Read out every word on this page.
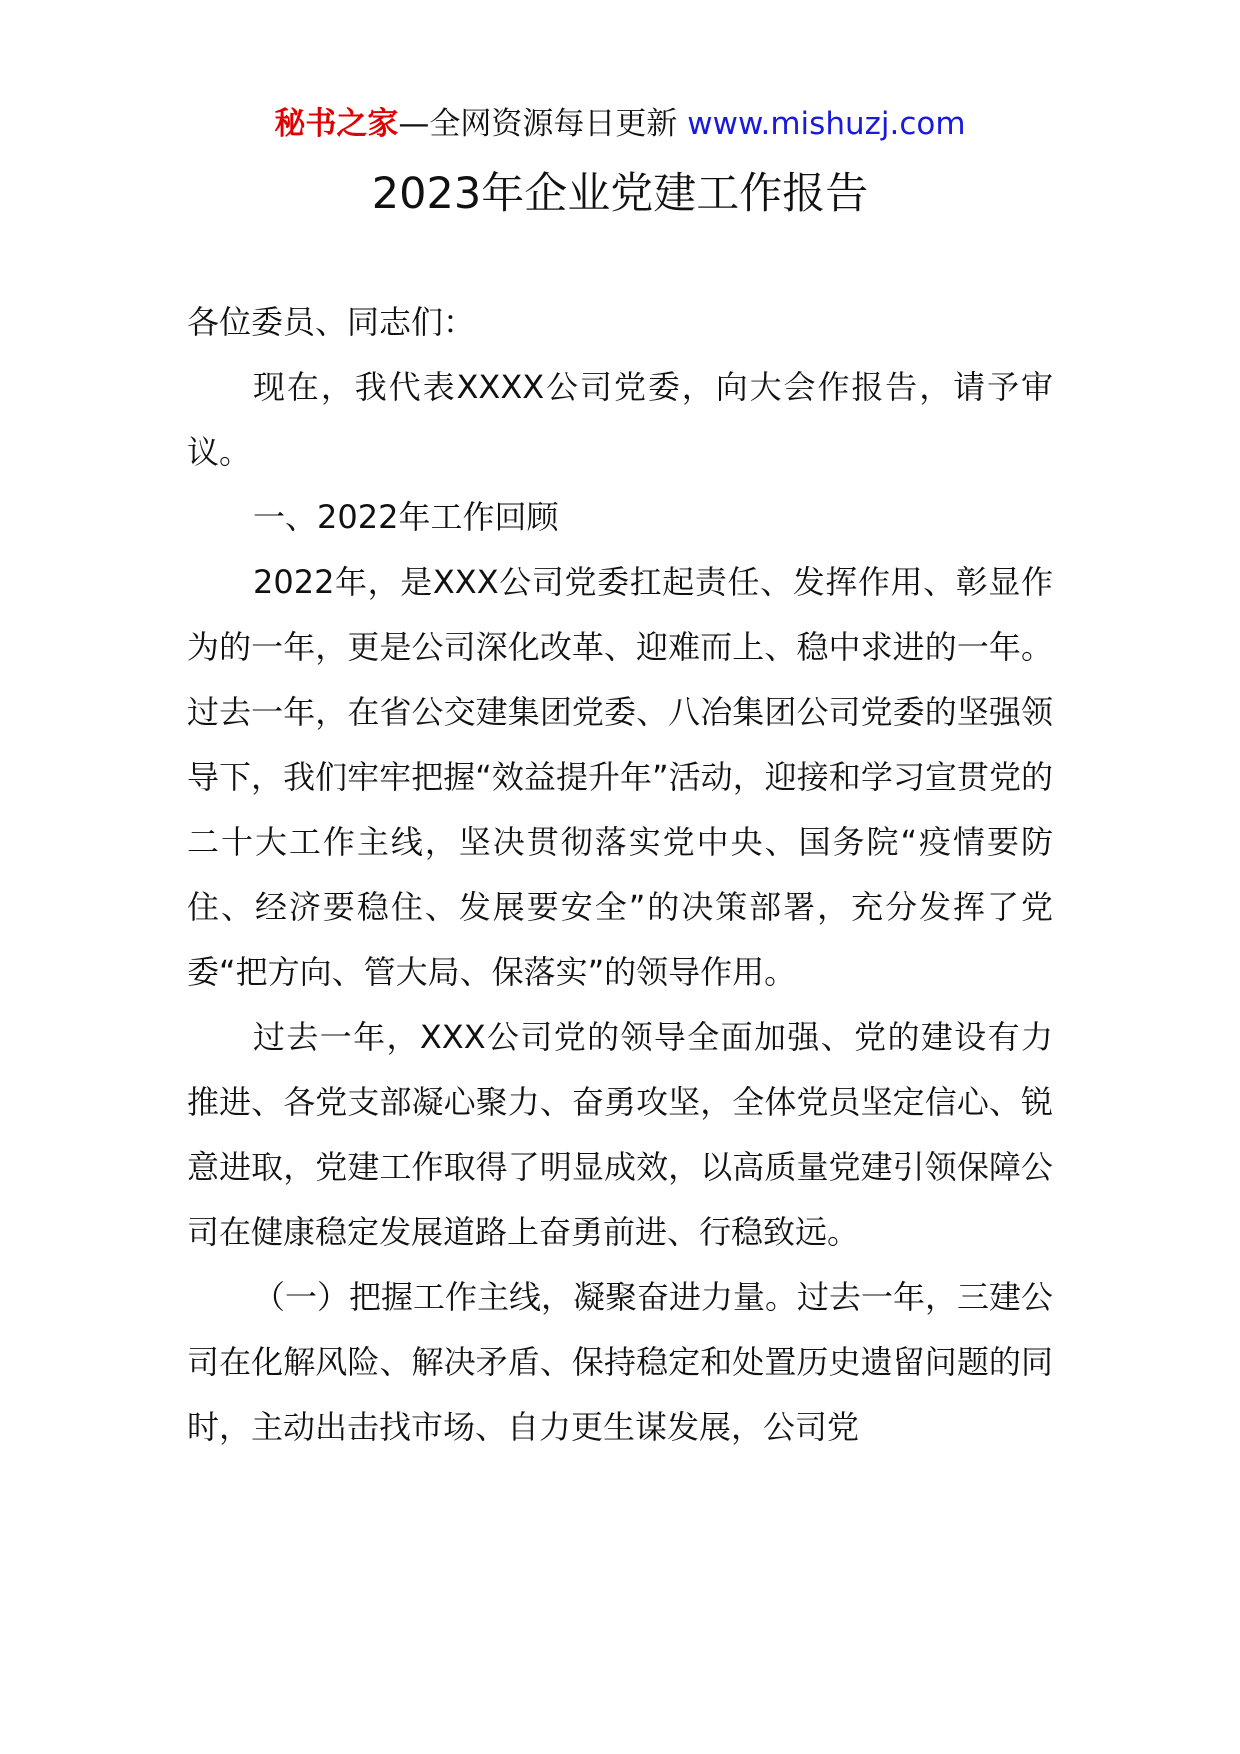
秘书之家—全网资源每日更新 www.mishuzj.com
2023年企业党建工作报告

各位委员、同志们：

现在，我代表XXXX公司党委，向大会作报告，请予审议。

一、2022年工作回顾

2022年，是XXX公司党委扛起责任、发挥作用、彰显作为的一年，更是公司深化改革、迎难而上、稳中求进的一年。过去一年，在省公交建集团党委、八冶集团公司党委的坚强领导下，我们牢牢把握“效益提升年”活动，迎接和学习宣贯党的二十大工作主线，坚决贯彻落实党中央、国务院“疫情要防住、经济要稳住、发展要安全”的决策部署，充分发挥了党委“把方向、管大局、保落实”的领导作用。

过去一年，XXX公司党的领导全面加强、党的建设有力推进、各党支部凝心聚力、奋勇攻坚，全体党员坚定信心、锐意进取，党建工作取得了明显成效，以高质量党建引领保障公司在健康稳定发展道路上奋勇前进、行稳致远。

（一）把握工作主线，凝聚奋进力量。过去一年，三建公司在化解风险、解决矛盾、保持稳定和处置历史遗留问题的同时，主动出击找市场、自力更生谋发展，公司党
